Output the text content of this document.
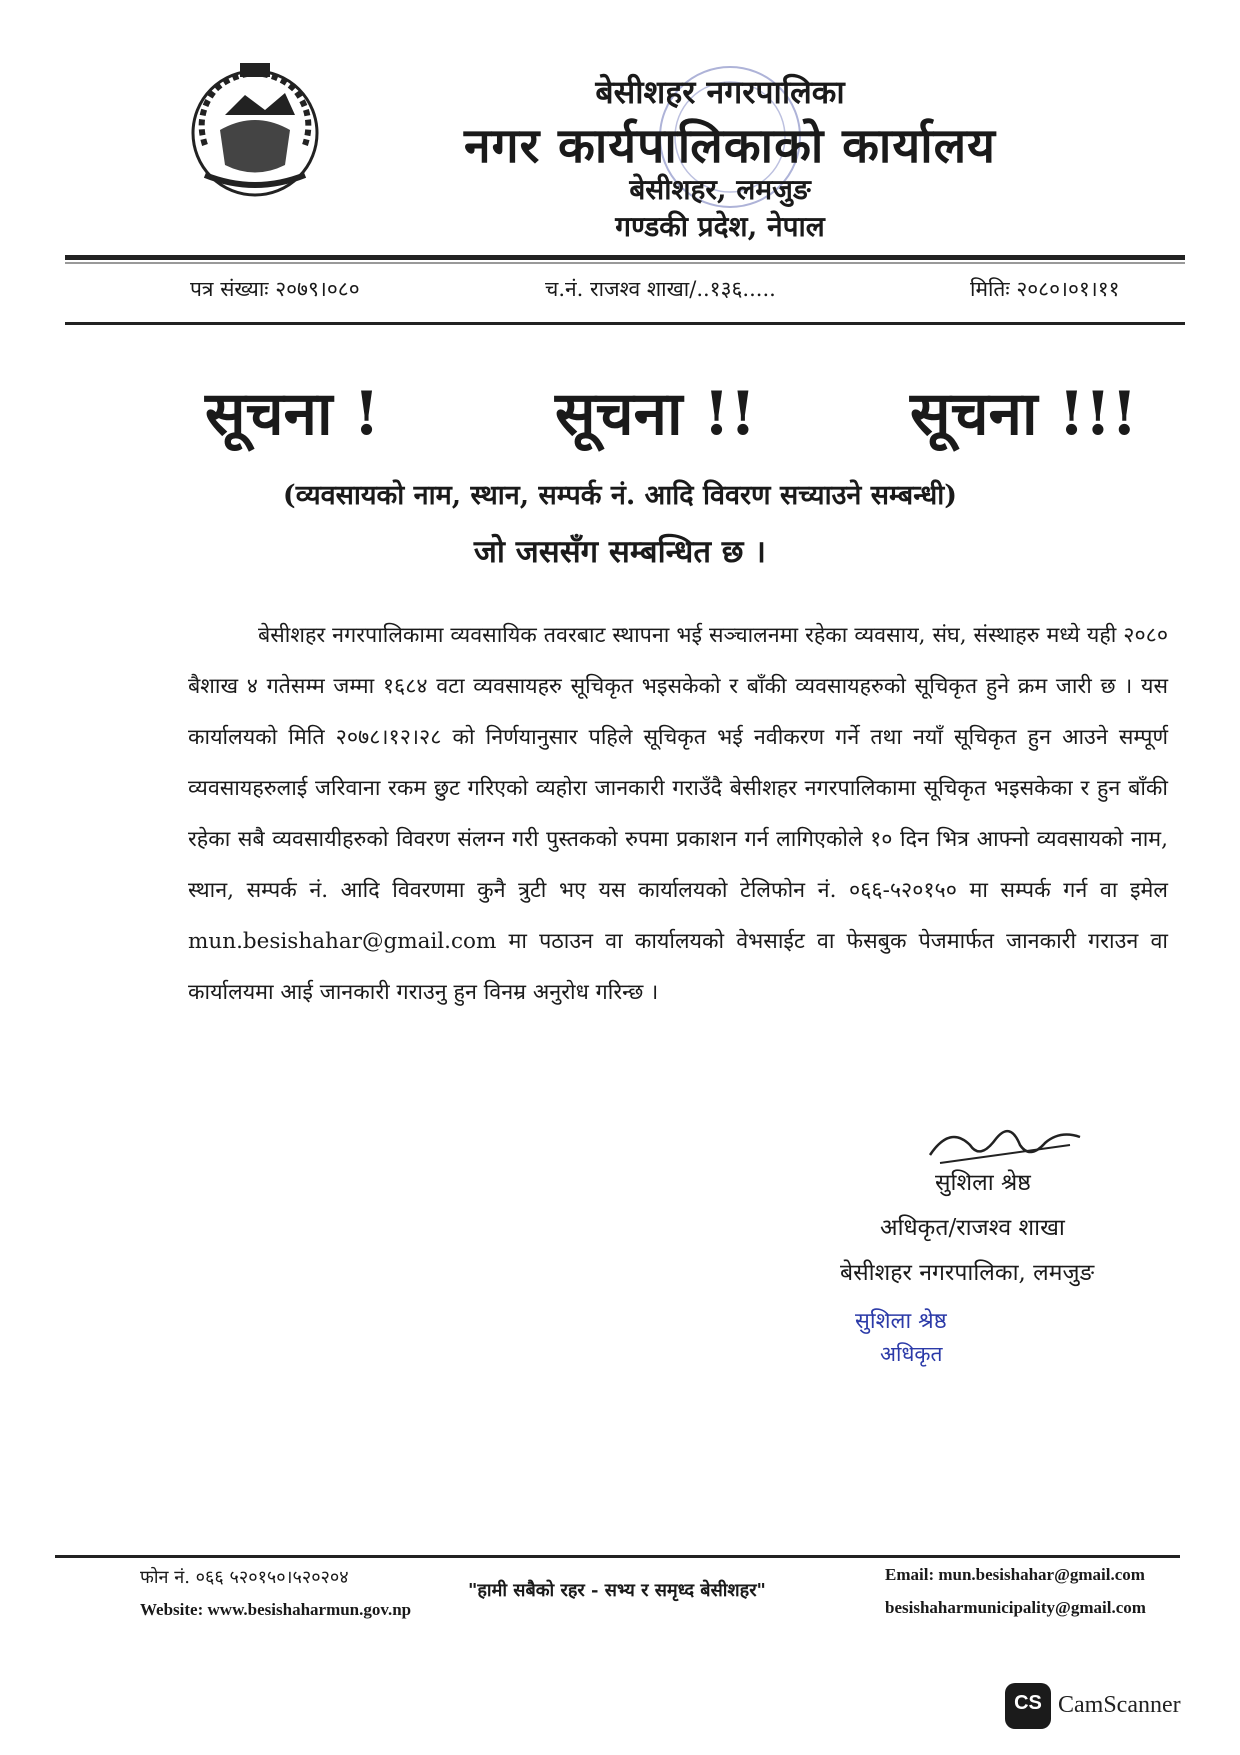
बेसीशहर नगरपालिका
नगर कार्यपालिकाको कार्यालय
बेसीशहर, लमजुङ
गण्डकी प्रदेश, नेपाल
पत्र संख्याः २०७९।०८०	च.नं. राजश्व शाखा/..१३६.....	मितिः २०८०।०१।११
सूचना !	सूचना !!	सूचना !!!
(व्यवसायको नाम, स्थान, सम्पर्क नं. आदि विवरण सच्याउने सम्बन्धी)
जो जससँग सम्बन्धित छ ।
बेसीशहर नगरपालिकामा व्यवसायिक तवरबाट स्थापना भई सञ्चालनमा रहेका व्यवसाय, संघ, संस्थाहरु मध्ये यही २०८० बैशाख ४ गतेसम्म जम्मा १६८४ वटा व्यवसायहरु सूचिकृत भइसकेको र बाँकी व्यवसायहरुको सूचिकृत हुने क्रम जारी छ । यस कार्यालयको मिति २०७८।१२।२८ को निर्णयानुसार पहिले सूचिकृत भई नवीकरण गर्ने तथा नयाँ सूचिकृत हुन आउने सम्पूर्ण व्यवसायहरुलाई जरिवाना रकम छुट गरिएको व्यहोरा जानकारी गराउँदै बेसीशहर नगरपालिकामा सूचिकृत भइसकेका र हुन बाँकी रहेका सबै व्यवसायीहरुको विवरण संलग्न गरी पुस्तकको रुपमा प्रकाशन गर्न लागिएकोले १० दिन भित्र आफ्नो व्यवसायको नाम, स्थान, सम्पर्क नं. आदि विवरणमा कुनै त्रुटी भए यस कार्यालयको टेलिफोन नं. ०६६-५२०१५० मा सम्पर्क गर्न वा इमेल mun.besishahar@gmail.com मा पठाउन वा कार्यालयको वेभसाईट वा फेसबुक पेजमार्फत जानकारी गराउन वा कार्यालयमा आई जानकारी गराउनु हुन विनम्र अनुरोध गरिन्छ ।
सुशिला श्रेष्ठ
अधिकृत/राजश्व शाखा
बेसीशहर नगरपालिका, लमजुङ
सुशिला श्रेष्ठ
अधिकृत
फोन नं. ०६६ ५२०१५०।५२०२०४
Website: www.besishaharmun.gov.np
"हामी सबैको रहर - सभ्य र समृध्द बेसीशहर"
Email: mun.besishahar@gmail.com
besishaharmunicipality@gmail.com
CS CamScanner
